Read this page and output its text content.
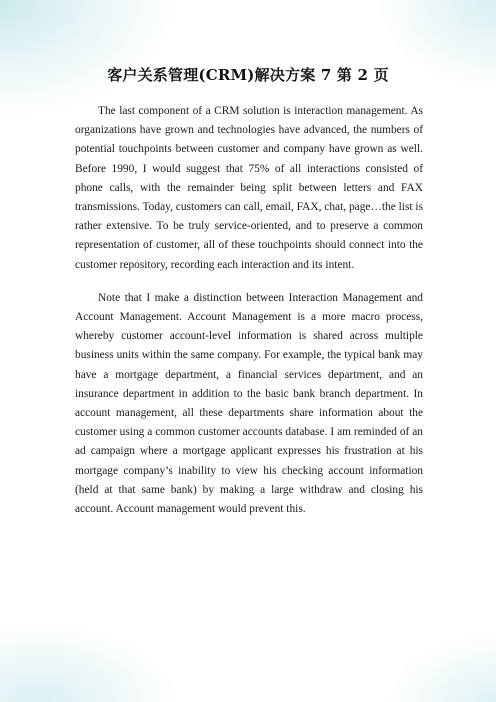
客户关系管理(CRM)解决方案 7 第 2 页

The last component of a CRM solution is interaction management. As organizations have grown and technologies have advanced, the numbers of potential touchpoints between customer and company have grown as well. Before 1990, I would suggest that 75% of all interactions consisted of phone calls, with the remainder being split between letters and FAX transmissions. Today, customers can call, email, FAX, chat, page…the list is rather extensive. To be truly service-oriented, and to preserve a common representation of customer, all of these touchpoints should connect into the customer repository, recording each interaction and its intent.

Note that I make a distinction between Interaction Management and Account Management. Account Management is a more macro process, whereby customer account-level information is shared across multiple business units within the same company. For example, the typical bank may have a mortgage department, a financial services department, and an insurance department in addition to the basic bank branch department. In account management, all these departments share information about the customer using a common customer accounts database. I am reminded of an ad campaign where a mortgage applicant expresses his frustration at his mortgage company’s inability to view his checking account information (held at that same bank) by making a large withdraw and closing his account. Account management would prevent this.
